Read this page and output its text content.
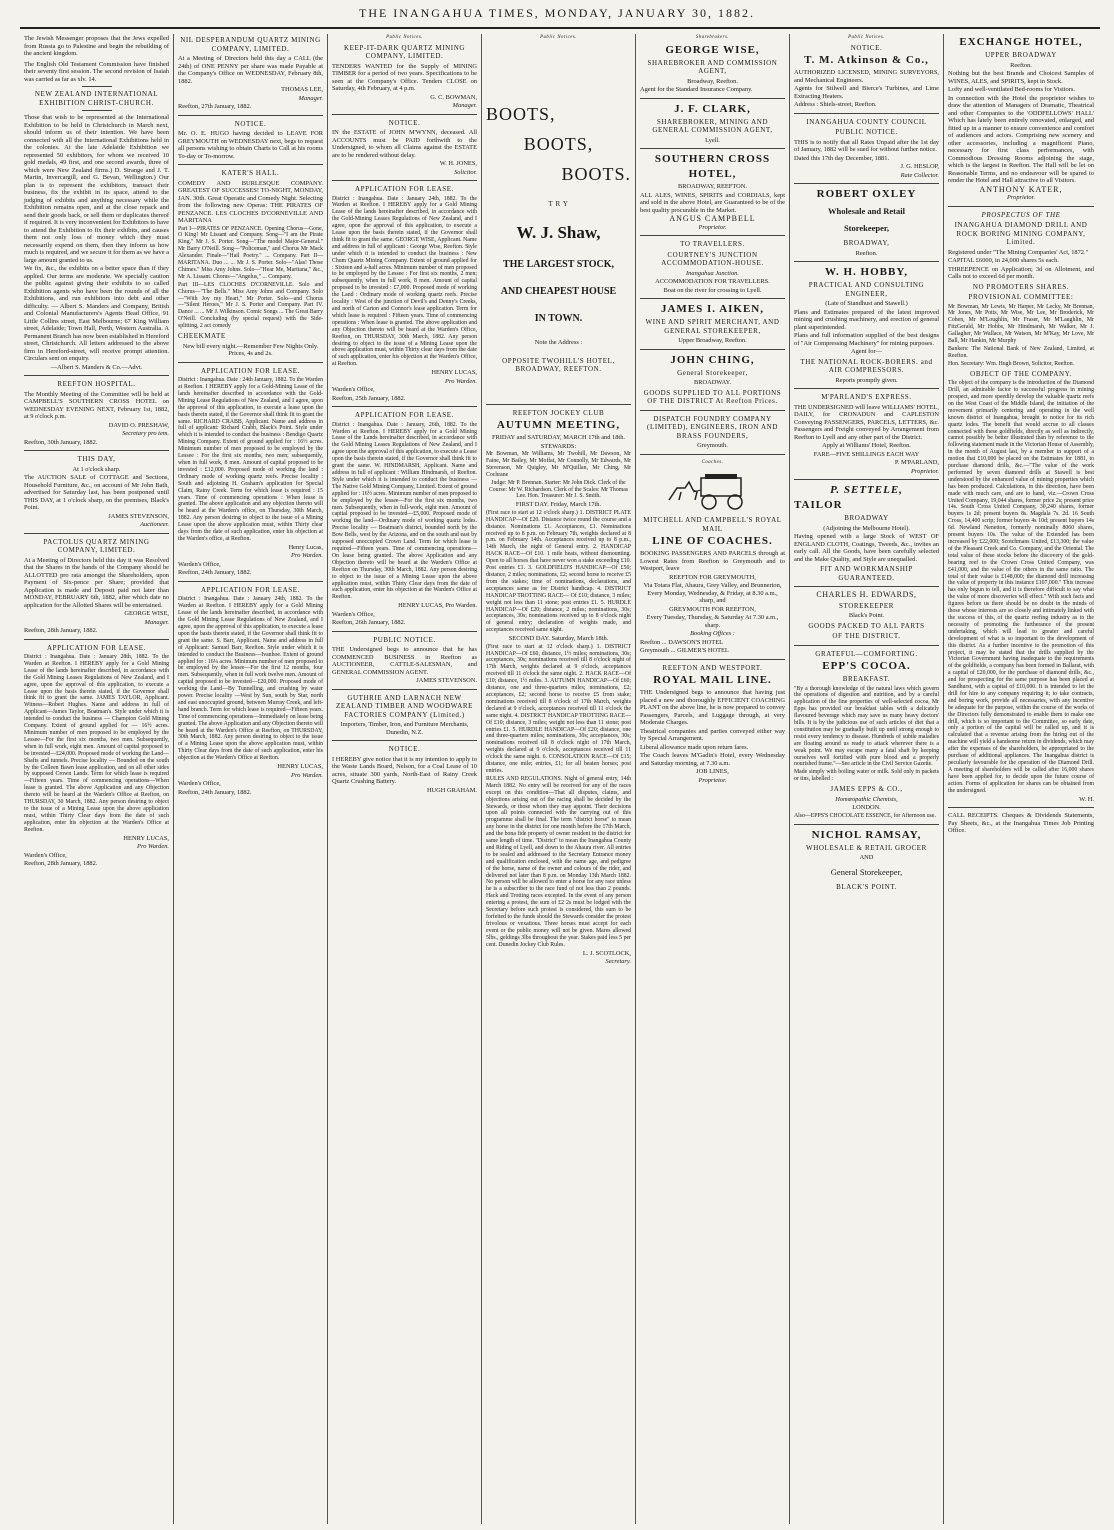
THE INANGAHUA TIMES, MONDAY, JANUARY 30, 1882.
The Jewish Messenger proposes that the Jews expelled from Russia go to Palestine and begin the rebuilding of the ancient kingdom.
The English Old Testament Commission have finished their seventy first session. The second revision of Isaiah was carried as far as xlv. 14.
NEW ZEALAND INTERNATIONAL EXHIBITION CHRIST-CHURCH.
Those that wish to be represented at the International Exhibition to be held in Christchurch in March next, should inform us of their intention. We have been connected with all the International Exhibitions held in the colonies. At the late Adelaide Exhibition we represented 50 exhibitors, for whom we received 10 gold medals, 49 first, and one second awards, three of which were New Zealand firms.) D. Strange and J. T. Martin, Invercargill, and G. Bevan, Wellington.) Our plan is to represent the exhibitors, transact their business, fix the exhibit in its space, attend to the judging of exhibits and anything necessary while the Exhibition remains open, and at the close repack and send their goods back, or sell them or duplicates thereof if required. It is very inconvenient for Exhibitors to have to attend the Exhibition to fix their exhibits, and causes them not only loss of money which they must necessarily expend on them, then they inform us how much is required, and we secure it for them as we have a large amount granted to us.
We fix, &c., the exhibits on a better space than if they applied. Our terms are moderate. We specially caution the public against giving their exhibits to so called Exhibition agents who have been the rounds of all the Exhibitions, and run exhibitors into debt and other difficulty. — Albert S. Manders and Company, British and Colonial Manufacturers's Agents Head Office, 91 Little Collins street, East Melbourne; 67 King William street, Adelaide; Town Hall, Perth, Western Australia. A Permanent Branch has now been established in Hereford street, Christchurch. All letters addressed to the above firm in Hereford-street, will receive prompt attention. Circulars sent on enquiry.
—Albert S. Manders & Co.—Advt.
REEFTON HOSPITAL.
The Monthly Meeting of the Committee will be held at CAMPBELL'S SOUTHERN CROSS HOTEL on WEDNESDAY EVENING NEXT, February 1st, 1882, at 9 o'clock p.m.
DAVID O. PRESHAW,
Secretary pro tem.
Reefton, 30th January, 1882.
THIS DAY,
At 1 o'clock sharp.
The AUCTION SALE of COTTAGE and Sections, Household Furniture, &c., on account of Mr John Bath, advertised for Saturday last, has been postponed until THIS DAY, at 1 o'clock sharp, on the premises, Black's Point.
JAMES STEVENSON,
Auctioneer.
PACTOLUS QUARTZ MINING COMPANY, LIMITED.
At a Meeting of Directors held this day it was Resolved that the Shares in the hands of the Company should be ALLOTTED pro rata amongst the Shareholders, upon Payment of Six-pence per Share; provided that Application is made and Deposit paid not later than MONDAY, FEBRUARY 6th, 1882, after which date no application for the Allotted Shares will be entertained.
GEORGE WISE,
Manager.
Reefton, 28th January, 1882.
APPLICATION FOR LEASE.
District : Inangahua. Date : January 28th, 1882. To the Warden at Reefton. I HEREBY apply for a Gold Mining Lease of the lands hereinafter described, in accordance with the Gold Mining Leases Regulations of New Zealand, and I agree, upon the approval of this application, to execute a Lease upon the basis therein stated, if the Governor shall think fit to grant the same. JAMES TAYLOR, Applicant. Witness—Robert Hughes. Name and address in full of Applicant—James Taylor, Boatman's. Style under which it is intended to conduct the business — Champion Gold Mining Company. Extent of ground applied for — 16½ acres. Minimum number of men proposed to be employed by the Lessee—For the first six months, two men. Subsequently, when in full work, eight men. Amount of capital proposed to be invested—£24,000. Proposed mode of working the Land—Shafts and tunnels. Precise locality — Bounded on the south by the Colleen Bawn lease application, and on all other sides by supposed Crown Lands. Term for which lease is required—Fifteen years. Time of commencing operations—When lease is granted. The above Application and any Objection thereto will be heard at the Warden's Office at Reefton, on THURSDAY, 30 March, 1882. Any person desiring to object to the issue of a Mining Lease upon the above application must, within Thirty Clear days from the date of such application, enter his objection at the Warden's Office at Reefton.
HENRY LUCAS,
Pro Warden.
Warden's Office,
Reefton, 28th January, 1882.
NIL DESPERANDUM QUARTZ MINING COMPANY, LIMITED.
At a Meeting of Directors held this day a CALL (the 24th) of ONE PENNY per share was made Payable at the Company's Office on WEDNESDAY, February 8th, 1882.
THOMAS LEE,
Manager.
Reefton, 27th January, 1882.
NOTICE.
Mr. O. E. HUGO having decided to LEAVE FOR GREYMOUTH on WEDNESDAY next, begs to request all persons wishing to obtain Charts to Call at his rooms To-day or To-morrow.
KATER'S HALL.
COMEDY AND BURLESQUE COMPANY. GREATEST OF SUCCESSES! TO-NIGHT, MONDAY, JAN. 30th. Great Operatic and Comedy Night. Selecting from the following new Operas: THE PIRATES OF PENZANCE. LES CLOCHES D'CORNEVILLE AND MARITANA
Part I—PIRATES OF PENZANCE. Opening Chorus—Gone, O King! Mr Lissant and Company. Song—"I am the Pirate King." Mr J. S. Porter. Song—"The model Major-General." Mr Barry O'Neill. Song—"Policeman," and Chorus Mr Mack Alexander. Finale—"Hail Poetry." ... Company. Part II—MARITANA. Duo ... ... Mr J. S. Porter. Solo—"Alas! Those Chimes." Miss Amy Johns. Solo—"Hear Me, Maritana," &c., Mr A. Lissant. Chorus—"Angelus," ... Company.
Part III—LES CLOCHES D'CORNEVILLE. Solo and Chorus—"The Bells." Miss Amy Johns and Company. Solo—"With Joy my Heart," Mr Porter. Solo—and Chorus—"Silent Heroes," Mr J. S. Porter and Company. Part IV. Dance ... ... Mr J. Wilkinson. Comic Songs ... The Great Barry O'Neill. Concluding (by special request) with the Side-splitting, 2 act comedy
CHEEKMATE
New bill every night.—Remember Few Nights Only. Prices, 4s and 2s.
APPLICATION FOR LEASE.
District : Inangahua. Date : 24th January, 1882. To the Warden at Reefton. I HEREBY apply for a Gold-Mining Lease of the lands hereinafter described in accordance with the Gold-Mining Lease Regulations of New Zealand, and I agree, upon the approval of this application, to execute a lease upon the basis therein stated, if the Governor shall think fit to grant the same. RICHARD CRABB, Applicant. Name and address in full of applicant: Richard Crabb, Black's Point. Style under which it is intended to conduct the business : Bendigo Quartz Mining Company. Extent of ground applied for : 16½ acres. Minimum number of men proposed to be employed by the Lessee : For the first six months, two men; subsequently, when in full work, 8 men. Amount of capital proposed to be invested : £12,000. Proposed mode of working the land : Ordinary mode of working quartz reefs. Precise locality : South and adjoining H. Graham's application for Special Claim, Rainy Creek. Term for which lease is required : 15 years. Time of commencing operations : When lease is granted. The above application and any objection thereto will be heard at the Warden's office, on Thursday, 30th March, 1882. Any person desiring to object to the issue of a Mining Lease upon the above application must, within Thirty clear days from the date of such application, enter his objection at the Warden's office, at Reefton.
Henry Lucas,
Pro Warden.
Warden's Office,
Reefton, 24th January, 1882.
APPLICATION FOR LEASE.
District : Inangahua. Date : January 24th, 1882. To the Warden at Reefton. I HEREBY apply for a Gold Mining Lease of the lands hereinafter described, in accordance with the Gold Mining Lease Regulations of New Zealand, and I agree, upon the approval of this application, to execute a lease upon the basis therein stated, if the Governor shall think fit to grant the same. S. Barr, Applicant. Name and address in full of Applicant: Samuel Barr, Reefton. Style under which it is intended to conduct the Business—Ivanhoe. Extent of ground applied for : 16¼ acres. Minimum number of men proposed to be employed by the lessee—For the first 12 months, four men. Subsequently, when in full work twelve men. Amount of capital proposed to be invested—£20,000. Proposed mode of working the Land—By Tunnelling, and crushing by water power. Precise locality —West by Sun, south by Star, north and east unoccupied ground, between Murray Creek, and left-hand branch. Term for which lease is required—Fifteen years. Time of commencing operations—Immediately on lease being granted. The above Application and any Objection thereto will be heard at the Warden's Office at Reefton, on THURSDAY, 30th March, 1882. Any person desiring to object to the issue of a Mining Lease upon the above application must, within Thirty Clear days from the date of such application, enter his objection at the Warden's Office at Reefton.
HENRY LUCAS,
Pro Warden.
Warden's Office,
Reefton, 24th January, 1882.
Public Notices.
KEEP-IT-DARK QUARTZ MINING COMPANY, LIMITED.
TENDERS WANTED for the Supply of MINING TIMBER for a period of two years. Specifications to be seen at the Company's Office. Tenders CLOSE on Saturday, 4th February, at 4 p.m.
G. C. BOWMAN,
Manager.
NOTICE.
IN the ESTATE of JOHN M'WYNN, deceased. All ACCOUNTS must be PAID forthwith to the Undersigned, to whom all Claims against the ESTATE are to be rendered without delay.
W. H. JONES,
Solicitor.
APPLICATION FOR LEASE.
District : Inangahua. Date : January 24th, 1882. To the Warden at Reefton. I HEREBY apply for a Gold Mining Lease of the lands hereinafter described, in accordance with the Gold-Mining Leases Regulations of New Zealand, and I agree, upon the approval of this application, to execute a Lease upon the basis therein stated, if the Governor shall think fit to grant the same. GEORGE WISE, Applicant. Name and address in full of applicant : George Wise, Reefton. Style under which it is intended to conduct the business : New Chum Quartz Mining Company. Extent of ground applied for : Sixteen and a-half acres. Minimum number of men proposed to be employed by the Lessee : For first six months, 2 men; subsequently, when in full work, 8 men. Amount of capital proposed to be invested : £7,000. Proposed mode of working the Land : Ordinary mode of working quartz reefs. Precise locality : West of the junction of Devil's and Denny's Creeks, and north of Carton and Connor's lease application. Term for which lease is required : Fifteen years. Time of commencing operations : When lease is granted. The above application and any Objection thereto will be heard at the Warden's Office, Reefton, on THURSDAY, 30th March, 1882. Any person desiring to object to the issue of a Mining Lease upon the above application must, within Thirty clear days from the date of such application, enter his objection at the Warden's Office, at Reefton.
HENRY LUCAS,
Pro Warden.
Warden's Office,
Reefton, 25th January, 1882.
APPLICATION FOR LEASE.
District : Inangahua. Date : January, 26th, 1882. To the Warden at Reefton. I HEREBY apply for a Gold Mining Lease of the Lands hereinafter described, in accordance with the Gold Mining Leases Regulations of New Zealand, and I agree upon the approval of this application, to execute a Lease upon the basis therein stated, if the Governor shall think fit to grant the same. W. HINDMARSH, Applicant. Name and address in full of applicant : William Hindmarsh, of Reefton. Style under which it is intended to conduct the business — The Native Gold Mining Company, Limited. Extent of ground applied for : 16½ acres. Minimum number of men proposed to be employed by the lessee—For the first six months, two men. Subsequently, when in full-work, eight men. Amount of capital proposed to be invested—£5,000. Proposed mode of working the land—Ordinary mode of working quartz lodes. Precise locality — Boatman's district, bounded north by the Bow Bells, west by the Arizona, and on the south and east by supposed unoccupied Crown Land. Term for which lease is required—Fifteen years. Time of commencing operations—On lease being granted. The above Application and any Objection thereto will be heard at the Warden's Office at Reefton on Thursday, 30th March, 1882. Any person desiring to object to the issue of a Mining Lease upon the above application must, within Thirty Clear days from the date of such application, enter his objection at the Warden's Office at Reefton.
HENRY LUCAS, Pro Warden.
Warden's Office,
Reefton, 26th January, 1882.
PUBLIC NOTICE.
THE Undersigned begs to announce that he has COMMENCED BUSINESS in Reefton as AUCTIONEER, CATTLE-SALESMAN, and GENERAL COMMISSION AGENT.
JAMES STEVENSON.
GUTHRIE AND LARNACH NEW ZEALAND TIMBER AND WOODWARE FACTORIES COMPANY (Limited.)
Importers, Timber, Iron, and Furniture Merchants, Dunedin, N.Z.
NOTICE.
I HEREBY give notice that it is my intention to apply to the Waste Lands Board, Nelson, for a Coal Lease of 10 acres, situate 300 yards, North-East of Rainy Creek Quartz Crushing Battery.
HUGH GRAHAM.
Public Notices.
BOOTS,
BOOTS,
BOOTS.
T R Y
W. J. Shaw,
THE LARGEST STOCK,
AND CHEAPEST HOUSE
IN TOWN.
Note the Address :
OPPOSITE TWOHILL'S HOTEL, BROADWAY, REEFTON.
REEFTON JOCKEY CLUB
AUTUMN MEETING,
FRIDAY and SATURDAY, MARCH 17th and 18th.
STEWARDS:
Mr Bowman, Mr Williams, Mr Twohill, Mr Dawson, Mr Faine, Mr Bailey, Mr Moffat, Mr Connolly, Mr Edwards, Mr Stevenson, Mr Quigley, Mr M'Quillan, Mr Ching, Mr Cochrane
Judge: Mr P. Brennan. Starter: Mr John Dick. Clerk of the Course: Mr W. Richardson. Clerk of the Scales: Mr Thomas Lee. Hon. Treasurer: Mr J. S. Smith.
FIRST DAY. Friday, March 17th.
(First race to start at 12 o'clock sharp.) 1. DISTRICT PLATE HANDICAP—Of £20. Distance twice round the course and a distance. Nominations £1. Acceptances, £1. Nominations received up to 8 p.m. on February 7th, weights declared at 8 p.m. on February 14th. Acceptances received up to 8 p.m., 14th March, the night of General entry. 2. HANDICAP HACK RACE—Of £10. 1 mile heats, without dismounting. Open to all horses that have never won a stake exceeding £10. Post entries £1. 3. GOLDFIELD'S HANDICAP—Of £50; distance, 2 miles; nominations, £2; second horse to receive £5 from the stakes; time of nominations, declarations, and acceptances same as for District handicap. 4. DISTRICT HANDICAP TROTTING RACE— Of £10; distance, 3 miles; weight not less than 11 stone; post entries £1. 5. HURDLE HANDICAP—Of £20; distance, 2 miles; nominations, 30s; acceptances, 30s; nominations received up to 8 o'clock night of general entry; declaration of weights made, and acceptances received same night.
SECOND DAY. Saturday, March 18th.
(First race to start at 12 o'clock sharp.) 1. DISTRICT HANDICAP—Of £60, distance, 1½ miles; nominations, 30s; acceptances, 30s; nominations received till 8 o'clock night of 17th March, weights declared at 9 o'clock, acceptances received till 11 o'clock the same night. 2. HACK RACE—Of £10; distance, 1½ miles. 3. AUTUMN HANDICAP—Of £60; distance, one and three-quarters miles; nominations, £2; acceptances, £2; second horse to receive £5 from stake; nominations received till 8 o'clock of 17th March, weights declared at 9 o'clock, acceptances received till 11 o'clock the same night. 4. DISTRICT HANDICAP TROTTING RACE—Of £10; distance, 3 miles; weight not less than 11 stone; post entries £1. 5. HURDLE HANDICAP—Of £20; distance, one and three-quarters miles; nominations, 30s; acceptances, 30s; nominations received till 8 o'clock night of 17th March, weights declared at 9 o'clock, acceptances received till 11 o'clock the same night. 6. CONSOLATION RACE—Of £15; distance, one mile; entries, £1; for all beaten horses; post entries.
RULES AND REGULATIONS. Night of general entry, 14th March 1882. No entry will be received for any of the races except on this condition—That all disputes, claims, and objections arising out of the racing shall be decided by the Stewards, or those whom they may appoint. Their decisions upon all points connected with the carrying out of this programme shall be final. The term "district horse" to mean any horse in the district for one month before the 17th March, and the bona fide property of owner resident in the district for same length of time. "District" to mean the Inangahua County and Riding of Lyell, and down to the Ahaura river. All entries to be sealed and addressed to the Secretary Entrance money and qualification enclosed, with the name age, and pedigree of the horse, name of the owner and colours of the rider, and delivered not later than 8 p.m. on Monday 13th March 1882. No person will be allowed to enter a horse for any race unless he is a subscriber to the race fund of not less than 2 pounds. Hack and Trotting races excepted. In the event of any person entering a protest, the sum of £2 2s must be lodged with the Secretary before such protest is considered, this sum to be forfeited to the funds should the Stewards consider the protest frivolous or vexatious. Three horses must accept for each event or the public money will not be given. Mares allowed 5lbs., geldings 3lbs throughout the year. Stakes paid less 5 per cent. Dunedin Jockey Club Rules.
L. J. SCOTLOCK,
Secretary.
Sharebrokers.
GEORGE WISE,
SHAREBROKER AND COMMISSION AGENT,
Broadway, Reefton.
Agent for the Standard Insurance Company.
J. F. CLARK,
SHAREBROKER, MINING AND GENERAL COMMISSION AGENT,
Lyell.
SOUTHERN CROSS
HOTEL,
BROADWAY, REEFTON.
ALL ALES, WINES, SPIRITS and CORDIALS, kept and sold in the above Hotel, are Guaranteed to be of the best quality procurable in the Market.
ANGUS CAMPBELL
Proprietor.
TO TRAVELLERS.
COURTNEY'S JUNCTION ACCOMMODATION-HOUSE.
Inangahua Junction.
ACCOMMODATION FOR TRAVELLERS.
Boat on the river for crossing to Lyell.
JAMES I. AIKEN,
WINE AND SPIRIT MERCHANT, AND GENERAL STOREKEEPER,
Upper Broadway, Reefton.
JOHN CHING,
General Storekeeper,
BROADWAY.
GOODS SUPPLIED TO ALL PORTIONS OF THE DISTRICT At Reefton Prices.
DISPATCH FOUNDRY COMPANY (LIMITED), ENGINEERS, IRON AND BRASS FOUNDERS,
Greymouth.
Coaches.
MITCHELL AND CAMPBELL'S ROYAL MAIL
LINE OF COACHES.
BOOKING PASSENGERS AND PARCELS through at Lowest Rates from Reefton to Greymouth and to Westport, leave
REEFTON FOR GREYMOUTH,
Via Totara Flat, Ahaura, Grey Valley, and Brunnerton, Every Monday, Wednesday, & Friday, at 8.30 a.m., sharp, and
GREYMOUTH FOR REEFTON,
Every Tuesday, Thursday, & Saturday At 7.30 a.m., sharp.
Booking Offices :
Reefton ... DAWSON'S HOTEL
Greymouth ... GILMER'S HOTEL
REEFTON AND WESTPORT.
ROYAL MAIL LINE.
THE Undersigned begs to announce that having just placed a new and thoroughly EFFICIENT COACHING PLANT on the above line, he is now prepared to convey Passengers, Parcels, and Luggage through, at very Moderate Charges.
Theatrical companies and parties conveyed either way by Special Arrangement.
Liberal allowance made upon return fares.
The Coach leaves M'Gadin's Hotel, every Wednesday and Saturday morning, at 7.30 a.m.
JOB LINES,
Proprietor.
Public Notices.
NOTICE.
T. M. Atkinson & Co.,
AUTHORIZED LICENSED, MINING SURVEYORS, and Mechanical Engineers.
Agents for Stilwell and Bierce's Turbines, and Lime Extracting Heaters.
Address : Shiels-street, Reefton.
INANGAHUA COUNTY COUNCIL
PUBLIC NOTICE.
THIS is to notify that all Rates Unpaid after the 1st day of January, 1882 will be sued for without further notice.
Dated this 17th day December, 1881.
J. G. HESLOP,
Rate Collector.
ROBERT OXLEY
Wholesale and Retail
Storekeeper,
BROADWAY,
Reefton.
W. H. HOBBY,
PRACTICAL AND CONSULTING ENGINEER,
(Late of Standhust and Stawell.)
Plans and Estimates prepared of the latest improved mining and crushing machinery, and erection of general plant superintended.
Plans and full information supplied of the best designs of "Air Compressing Machinery" for mining purposes.
Agent for—
THE NATIONAL ROCK-BORERS. and AIR COMPRESSORS.
Reports promptly given.
M'PARLAND'S EXPRESS.
THE UNDERSIGNED will leave WILLIAMS' HOTEL, DAILY, for CRONADUN and CAPLESTON Conveying PASSENGERS, PARCELS, LETTERS, &c. Passengers and Freight conveyed by Arrangement from Reefton to Lyell and any other part of the District.
Apply at Williams' Hotel, Reefton.
FARE—FIVE SHILLINGS EACH WAY
P. M'PARLAND,
Proprietor.
P. SETTELE,
TAILOR
BROADWAY
(Adjoining the Melbourne Hotel).
Having opened with a large Stock of WEST OF ENGLAND CLOTH, Coatings, Tweeds, &c., invites an early call. All the Goods, have been carefully selected and the Make Quality, and Style are unequalled.
FIT AND WORKMANSHIP GUARANTEED.
CHARLES H. EDWARDS,
STOREKEEPER
Black's Point.
GOODS PACKED TO ALL PARTS
OF THE DISTRICT.
GRATEFUL—COMFORTING.
EPP'S COCOA.
BREAKFAST.
"By a thorough knowledge of the natural laws which govern the operations of digestion and nutrition, and by a careful application of the fine properties of well-selected cocoa, Mr Epps has provided our breakfast tables with a delicately flavoured beverage which may save us many heavy doctors' bills. It is by the judicious use of such articles of diet that a constitution may be gradually built up until strong enough to resist every tendency to disease. Hundreds of subtle maladies are floating around us ready to attack wherever there is a weak point. We may escape many a fatal shaft by keeping ourselves well fortified with pure blood and a properly nourished frame."—See article in the Civil Service Gazette.
Made simply with boiling water or milk. Sold only in packets or tins, labelled :
JAMES EPPS & CO.,
Homœopathic Chemists,
LONDON.
Also—EPPS'S CHOCOLATE ESSENCE, for Afternoon use.
NICHOL RAMSAY,
WHOLESALE & RETAIL GROCER
AND
General Storekeeper,
BLACK'S POINT.
EXCHANGE HOTEL,
UPPER BROADWAY
Reefton.
Nothing but the best Brands and Choicest Samples of WINES, ALES, and SPIRITS, kept in Stock.
Lofty and well-ventilated Bed-rooms for Visitors.
In connection with the Hotel the proprietor wishes to draw the attention of Managers of Dramatic, Theatrical and other Companies to the 'ODDFELLOWS' HALL' Which has lately been entirely renovated, enlarged, and fitted up in a manner to ensure convenience and comfort of audiences and actors. Comprising new scenery and other accessories, including a magnificent Piano, necessary for first class performances, with Commodious Dressing Rooms adjoining the stage, which is the largest in Reefton. The Hall will be let on Reasonable Terms, and no endeavour will be spared to render the Hotel and Hall attractive to all Visitors.
ANTHONY KATER,
Proprietor.
PROSPECTUS OF THE
INANGAHUA DIAMOND DRILL AND ROCK BORING MINING COMPANY, Limited.
Registered under "The Mining Companies' Act, 1872."
CAPITAL £6000, in 24,000 shares 5s each.
THREEPENCE on Application; 3d on Allotment, and Calls not to exceed 6d per month.
NO PROMOTERS SHARES.
PROVISIONAL COMMITTEE:
Mr Bowman, Mr Lewis, Mr Harper, Mr Lecky, Mr Brennan, Mr Jones, Mr Potts, Mr Wise, Mr Lee, Mr Broderick, Mr Cohen, Mr M'Loughlin, Mr Fraser, Mr M'Laughlin, Mr FitzGerald, Mr Hobbs, Mr Hindmarsh, Mr Walker, Mr J. Gallagher, Mr Wallace, Mr Watson, Mr M'Kay, Mr Love, Mr Ball, Mr Hankin, Mr Murphy
Bankers: The National Bank of New Zealand, Limited, at Reefton.
Hon. Secretary: Wm. Hugh Brown, Solicitor, Reefton.
OBJECT OF THE COMPANY.
The object of the company is the introduction of the Diamond Drill, an admirable factor to successful progress in mining prospect, and more speedily develop the valuable quartz reefs on the West Coast of the Middle Island, the initiation of the movement primarily centering and operating in the well known district of Inangahua, brought to notice for its rich quartz lodes. The benefit that would accrue to all classes connected with these goldfields, directly as well as indirectly, cannot possibly be better illustrated than by reference to the following statement made in the Victorian House of Assembly, in the month of August last, by a member in support of a motion that £10,000 be placed on the Estimates for 1881, to purchase diamond drills, &c.—"The value of the work performed by seven diamond drills at Stawell is best understood by the enhanced value of mining properties which has been produced. Calculations, in this direction, have been made with much care, and are to hand, viz.—Crown Cross United Company, 19,044 shares, former price 2s; present price 14s. South Cross United Company, 30,240 shares, former buyers 1s 2d; present buyers 8s. Magdala 7s. 2d. 16 South Cross, 14,400 scrip; former buyers 4s 10d; present buyers 14s 6d. Newland Nenetton, formerly nominally 8060 shares, present buyers 10s. The value of the Extended has been increased by £22,000; Scotchmans United, £13,300; the value of the Pleasant Creek and Co. Company, and the Oriental. The total value of these stocks before the discovery of the gold-bearing reef to the Crown Cross United Company, was £41,000, and the value of the others in the same ratio. The total of their value is £148,000; the diamond drill increasing the value of property in this instance £107,000." This increase has only begun to tell, and it is therefore difficult to say what the value of more discoveries will effect." With such facts and figures before us there should be no doubt in the minds of those whose interests are so closely and intimately linked with the success of this, of the quartz reefing industry as to the necessity of promoting the furtherance of the present undertaking, which will lead to greater and careful development of what is so important to the development of this district. As a further incentive to the promotion of this project, it may be stated that the drills supplied by the Victorian Government having inadequate to the requirements of the goldfields, a company has been formed in Ballarat, with a capital of £20,000, for the purchase of diamond drills, &c., and for prospecting for the same purpose has been placed at Sandhurst, with a capital of £10,000. It is intended to let the drill for hire to any company requiring it; to take contracts, and boring work, provide all necessaries, with any incentive be adequate for the purpose, within the course of the works of the Directors fully demonstrated to enable them to make one drill, which is so important to the Committee, so early date, only a portion of the capital will be called up, and it is calculated that a revenue arising from the hiring out of the machine will yield a handsome return in dividends, which may after the expenses of the shareholders, be appropriated to the purchase of additional appliances. The Inangahua district is peculiarly favourable for the operation of the Diamond Drill. A meeting of shareholders will be called after 16,000 shares have been applied for, to decide upon the future course of action. Forms of application for shares can be obtained from the undersigned.
W. H.
CALL RECEIPTS. Cheques & Dividends Statements, Pay Sheets, &c., at the Inangahua Times Job Printing Office.
